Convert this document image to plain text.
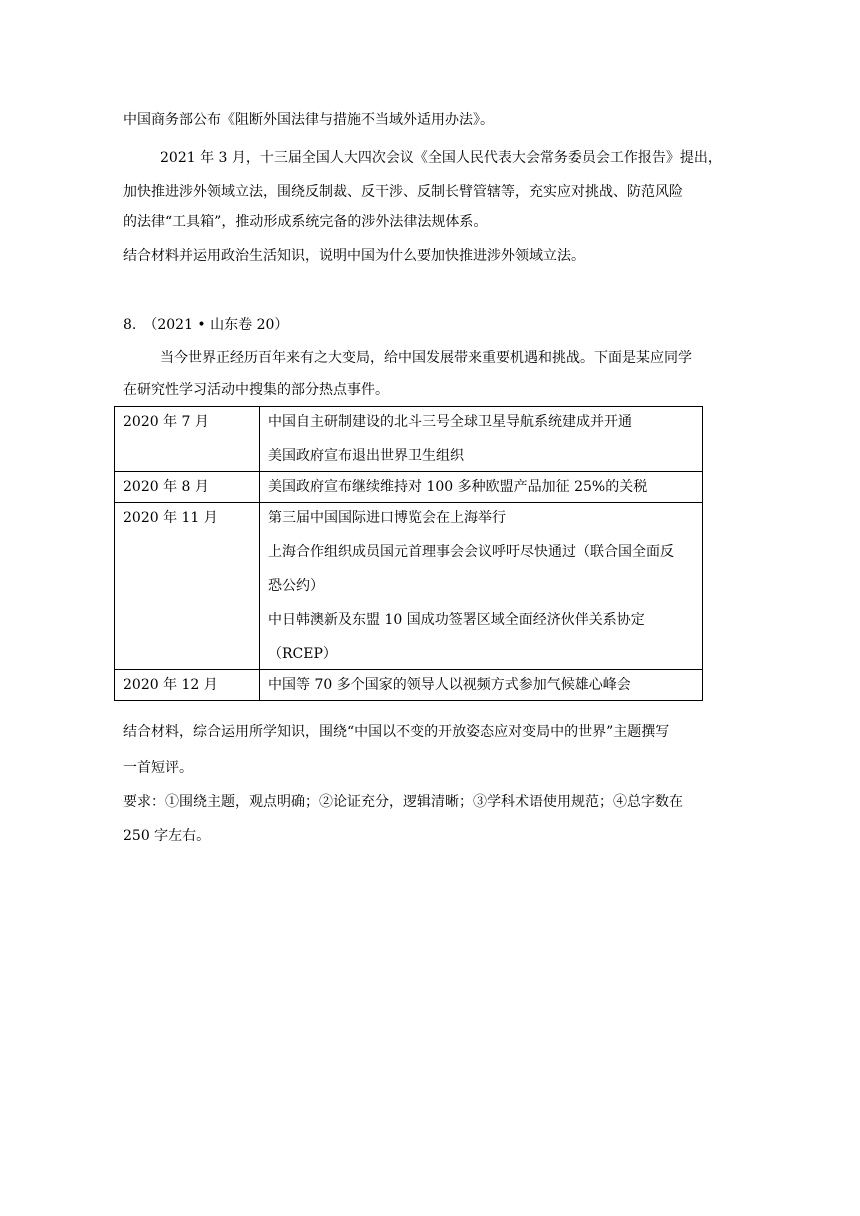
中国商务部公布《阻断外国法律与措施不当域外适用办法》。
2021 年 3 月，十三届全国人大四次会议《全国人民代表大会常务委员会工作报告》提出，
加快推进涉外领域立法，围绕反制裁、反干涉、反制长臂管辖等，充实应对挑战、防范风险
的法律“工具箱”，推动形成系统完备的涉外法律法规体系。
结合材料并运用政治生活知识，说明中国为什么要加快推进涉外领域立法。
8.　（2021 • 山东卷 20）
当今世界正经历百年来有之大变局，给中国发展带来重要机遇和挑战。下面是某应同学
在研究性学习活动中搜集的部分热点事件。
2020 年 7 月	中国自主研制建设的北斗三号全球卫星导航系统建成并开通
美国政府宣布退出世界卫生组织

2020 年 8 月	美国政府宣布继续维持对 100 多种欧盟产品加征 25%的关税

2020 年 11 月	第三届中国国际进口博览会在上海举行
上海合作组织成员国元首理事会会议呼吁尽快通过（联合国全面反
恐公约）
中日韩澳新及东盟 10 国成功签署区域全面经济伙伴关系协定
（RCEP）

2020 年 12 月	中国等 70 多个国家的领导人以视频方式参加气候雄心峰会
结合材料，综合运用所学知识，围绕“中国以不变的开放姿态应对变局中的世界”主题撰写
一首短评。
要求：①围绕主题，观点明确；②论证充分，逻辑清晰；③学科术语使用规范；④总字数在
250 字左右。
